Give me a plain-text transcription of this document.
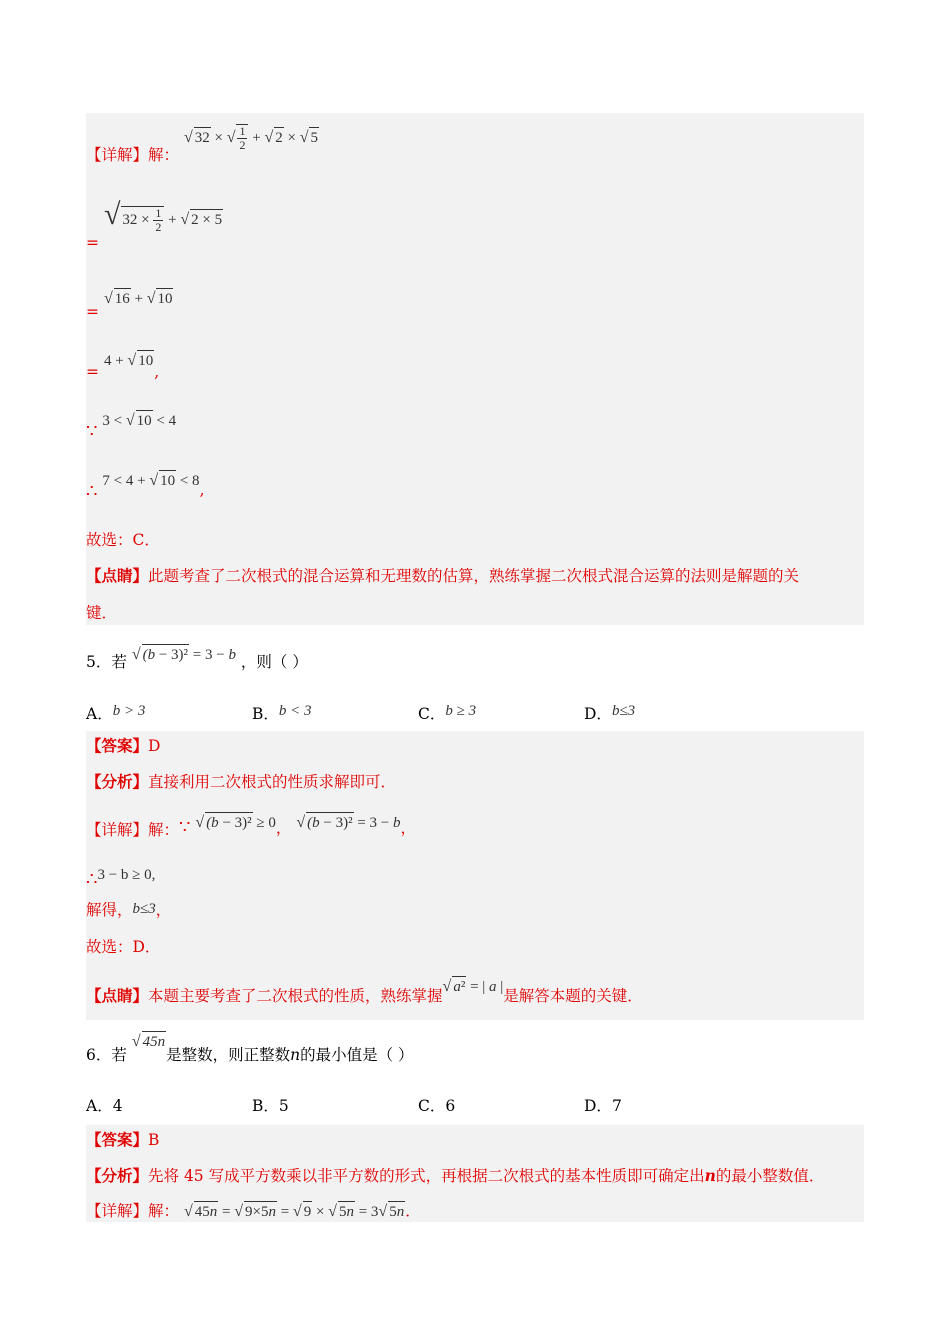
【详解】解： √ 32 × √ $\frac{1}{2}$ + √ 2 × √ 5
= √ $32 \times \frac{1}{2}$ + √ 2 × 5
= √ 16 + √ 10
= 4 + √ 10,
∵ 3 < √ 10 < 4
∴ 7 < 4 + √ 10 < 8,
故选：C．
【点睛】此题考查了二次根式的混合运算和无理数的估算，熟练掌握二次根式混合运算的法则是解题的关
键．
5．若 √ (b − 3)² = 3 − b ，则（ ）
A．b > 3	B．b < 3	C．b ≥ 3	D．b≤3
【答案】D
【分析】直接利用二次根式的性质求解即可．
【详解】解：∵ √ (b − 3)² ≥ 0， √ (b − 3)² = 3 − b，
∴3 − b ≥ 0,
解得，b≤3，
故选：D．
【点睛】本题主要考查了二次根式的性质，熟练掌握√ a² = | a |是解答本题的关键．
6．若 √ 45n是整数，则正整数n的最小值是（ ）
A．4	B．5	C．6	D．7
【答案】B
【分析】先将 45 写成平方数乘以非平方数的形式，再根据二次根式的基本性质即可确定出n的最小整数值．
【详解】解： √ 45n = √ 9×5n = √ 9 × √ 5n = 3√ 5n．
